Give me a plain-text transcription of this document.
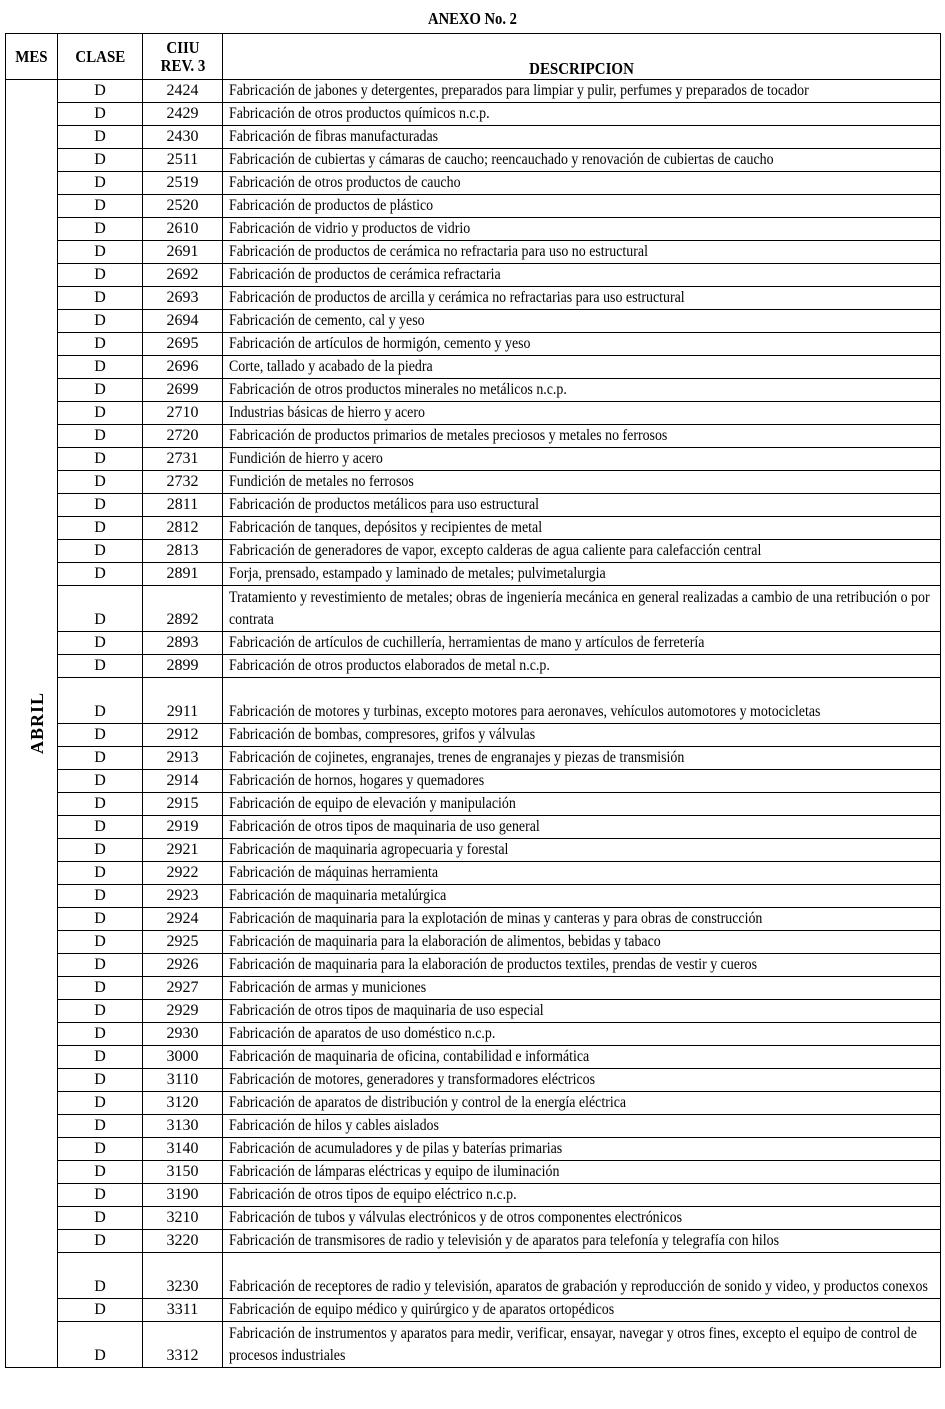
ANEXO No. 2
MES	CLASE	CIIU REV. 3	DESCRIPCION
ABRIL	D	2424	Fabricación de jabones y detergentes, preparados para limpiar y pulir, perfumes y preparados de tocador
	D	2429	Fabricación de otros productos químicos n.c.p.
	D	2430	Fabricación de fibras manufacturadas
	D	2511	Fabricación de cubiertas y cámaras de caucho; reencauchado y renovación de cubiertas de caucho
	D	2519	Fabricación de otros productos de caucho
	D	2520	Fabricación de productos de plástico
	D	2610	Fabricación de vidrio y productos de vidrio
	D	2691	Fabricación de productos de cerámica no refractaria para uso no estructural
	D	2692	Fabricación de productos de cerámica refractaria
	D	2693	Fabricación de productos de arcilla y cerámica no refractarias para uso estructural
	D	2694	Fabricación de cemento, cal y yeso
	D	2695	Fabricación de artículos de hormigón, cemento y yeso
	D	2696	Corte, tallado y acabado de la piedra
	D	2699	Fabricación de otros productos minerales no metálicos n.c.p.
	D	2710	Industrias básicas de hierro y acero
	D	2720	Fabricación de productos primarios de metales preciosos y metales no ferrosos
	D	2731	Fundición de hierro y acero
	D	2732	Fundición de metales no ferrosos
	D	2811	Fabricación de productos metálicos para uso estructural
	D	2812	Fabricación de tanques, depósitos y recipientes de metal
	D	2813	Fabricación de generadores de vapor, excepto calderas de agua caliente para calefacción central
	D	2891	Forja, prensado, estampado y laminado de metales; pulvimetalurgia
	D	2892	Tratamiento y revestimiento de metales; obras de ingeniería mecánica en general realizadas a cambio de una retribución o por contrata
	D	2893	Fabricación de artículos de cuchillería, herramientas de mano y artículos de ferretería
	D	2899	Fabricación de otros productos elaborados de metal n.c.p.
	D	2911	Fabricación de motores y turbinas, excepto motores para aeronaves, vehículos automotores y motocicletas
	D	2912	Fabricación de bombas, compresores, grifos y válvulas
	D	2913	Fabricación de cojinetes, engranajes, trenes de engranajes y piezas de transmisión
	D	2914	Fabricación de hornos, hogares y quemadores
	D	2915	Fabricación de equipo de elevación y manipulación
	D	2919	Fabricación de otros tipos de maquinaria de uso general
	D	2921	Fabricación de maquinaria agropecuaria y forestal
	D	2922	Fabricación de máquinas herramienta
	D	2923	Fabricación de maquinaria metalúrgica
	D	2924	Fabricación de maquinaria para la explotación de minas y canteras y para obras de construcción
	D	2925	Fabricación de maquinaria para la elaboración de alimentos, bebidas y tabaco
	D	2926	Fabricación de maquinaria para la elaboración de productos textiles, prendas de vestir y cueros
	D	2927	Fabricación de armas y municiones
	D	2929	Fabricación de otros tipos de maquinaria de uso especial
	D	2930	Fabricación de aparatos de uso doméstico n.c.p.
	D	3000	Fabricación de maquinaria de oficina, contabilidad e informática
	D	3110	Fabricación de motores, generadores y transformadores eléctricos
	D	3120	Fabricación de aparatos de distribución y control de la energía eléctrica
	D	3130	Fabricación de hilos y cables aislados
	D	3140	Fabricación de acumuladores y de pilas y baterías primarias
	D	3150	Fabricación de lámparas eléctricas y equipo de iluminación
	D	3190	Fabricación de otros tipos de equipo eléctrico n.c.p.
	D	3210	Fabricación de tubos y válvulas electrónicos y de otros componentes electrónicos
	D	3220	Fabricación de transmisores de radio y televisión y de aparatos para telefonía y telegrafía con hilos
	D	3230	Fabricación de receptores de radio y televisión, aparatos de grabación y reproducción de sonido y video, y productos conexos
	D	3311	Fabricación de equipo médico y quirúrgico y de aparatos ortopédicos
	D	3312	Fabricación de instrumentos y aparatos para medir, verificar, ensayar, navegar y otros fines, excepto el equipo de control de procesos industriales
